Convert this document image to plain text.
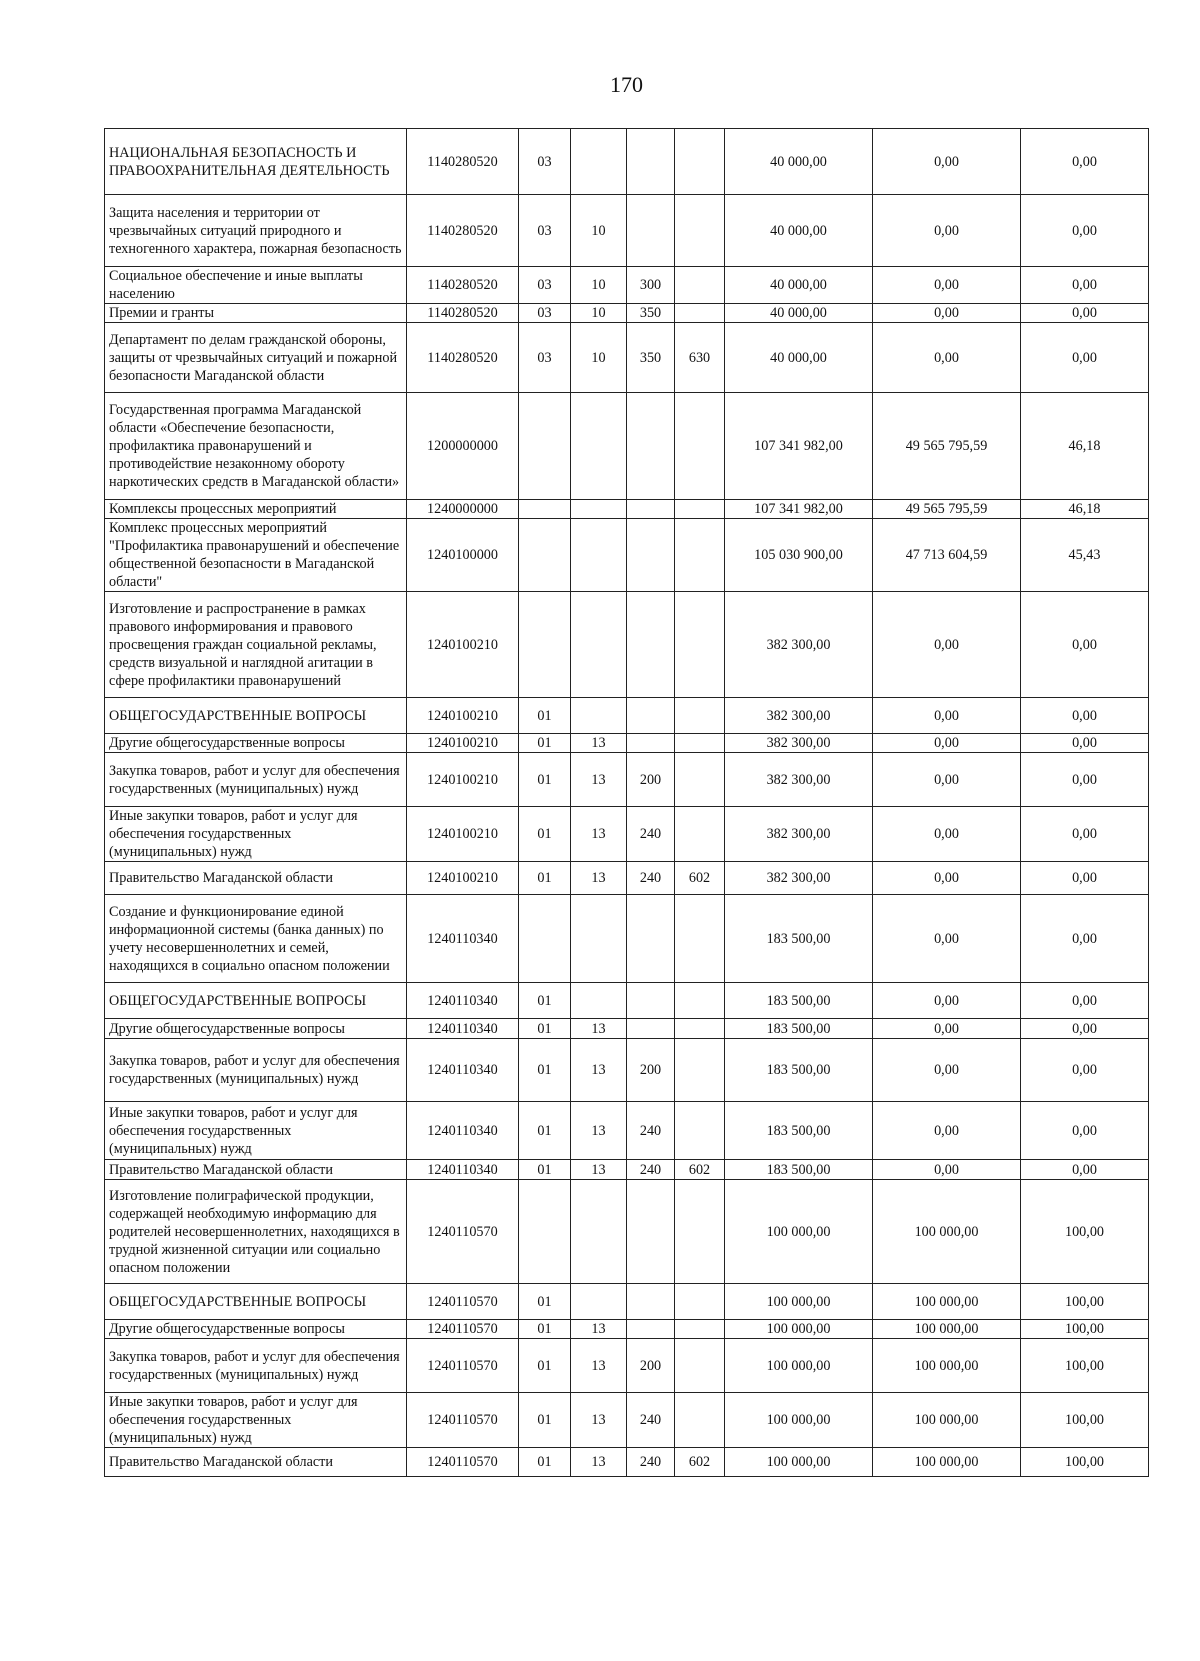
170
НАЦИОНАЛЬНАЯ БЕЗОПАСНОСТЬ И ПРАВООХРАНИТЕЛЬНАЯ ДЕЯТЕЛЬНОСТЬ	1140280520	03				40 000,00	0,00	0,00
Защита населения и территории от чрезвычайных ситуаций природного и техногенного характера, пожарная безопасность	1140280520	03	10			40 000,00	0,00	0,00
Социальное обеспечение и иные выплаты населению	1140280520	03	10	300		40 000,00	0,00	0,00
Премии и гранты	1140280520	03	10	350		40 000,00	0,00	0,00
Департамент по делам гражданской обороны, защиты от чрезвычайных ситуаций и пожарной безопасности Магаданской области	1140280520	03	10	350	630	40 000,00	0,00	0,00
Государственная программа Магаданской области «Обеспечение безопасности, профилактика правонарушений и противодействие незаконному обороту наркотических средств в Магаданской области»	1200000000					107 341 982,00	49 565 795,59	46,18
Комплексы процессных мероприятий	1240000000					107 341 982,00	49 565 795,59	46,18
Комплекс процессных мероприятий "Профилактика правонарушений и обеспечение общественной безопасности в Магаданской области"	1240100000					105 030 900,00	47 713 604,59	45,43
Изготовление и распространение в рамках правового информирования и правового просвещения граждан социальной рекламы, средств визуальной и наглядной агитации в сфере профилактики правонарушений	1240100210					382 300,00	0,00	0,00
ОБЩЕГОСУДАРСТВЕННЫЕ ВОПРОСЫ	1240100210	01				382 300,00	0,00	0,00
Другие общегосударственные вопросы	1240100210	01	13			382 300,00	0,00	0,00
Закупка товаров, работ и услуг для обеспечения государственных (муниципальных) нужд	1240100210	01	13	200		382 300,00	0,00	0,00
Иные закупки товаров, работ и услуг для обеспечения государственных (муниципальных) нужд	1240100210	01	13	240		382 300,00	0,00	0,00
Правительство Магаданской области	1240100210	01	13	240	602	382 300,00	0,00	0,00
Создание и функционирование единой информационной системы (банка данных) по учету несовершеннолетних и семей, находящихся в социально опасном положении	1240110340					183 500,00	0,00	0,00
ОБЩЕГОСУДАРСТВЕННЫЕ ВОПРОСЫ	1240110340	01				183 500,00	0,00	0,00
Другие общегосударственные вопросы	1240110340	01	13			183 500,00	0,00	0,00
Закупка товаров, работ и услуг для обеспечения государственных (муниципальных) нужд	1240110340	01	13	200		183 500,00	0,00	0,00
Иные закупки товаров, работ и услуг для обеспечения государственных (муниципальных) нужд	1240110340	01	13	240		183 500,00	0,00	0,00
Правительство Магаданской области	1240110340	01	13	240	602	183 500,00	0,00	0,00
Изготовление полиграфической продукции, содержащей необходимую информацию для родителей несовершеннолетних, находящихся в трудной жизненной ситуации или социально опасном положении	1240110570					100 000,00	100 000,00	100,00
ОБЩЕГОСУДАРСТВЕННЫЕ ВОПРОСЫ	1240110570	01				100 000,00	100 000,00	100,00
Другие общегосударственные вопросы	1240110570	01	13			100 000,00	100 000,00	100,00
Закупка товаров, работ и услуг для обеспечения государственных (муниципальных) нужд	1240110570	01	13	200		100 000,00	100 000,00	100,00
Иные закупки товаров, работ и услуг для обеспечения государственных (муниципальных) нужд	1240110570	01	13	240		100 000,00	100 000,00	100,00
Правительство Магаданской области	1240110570	01	13	240	602	100 000,00	100 000,00	100,00
